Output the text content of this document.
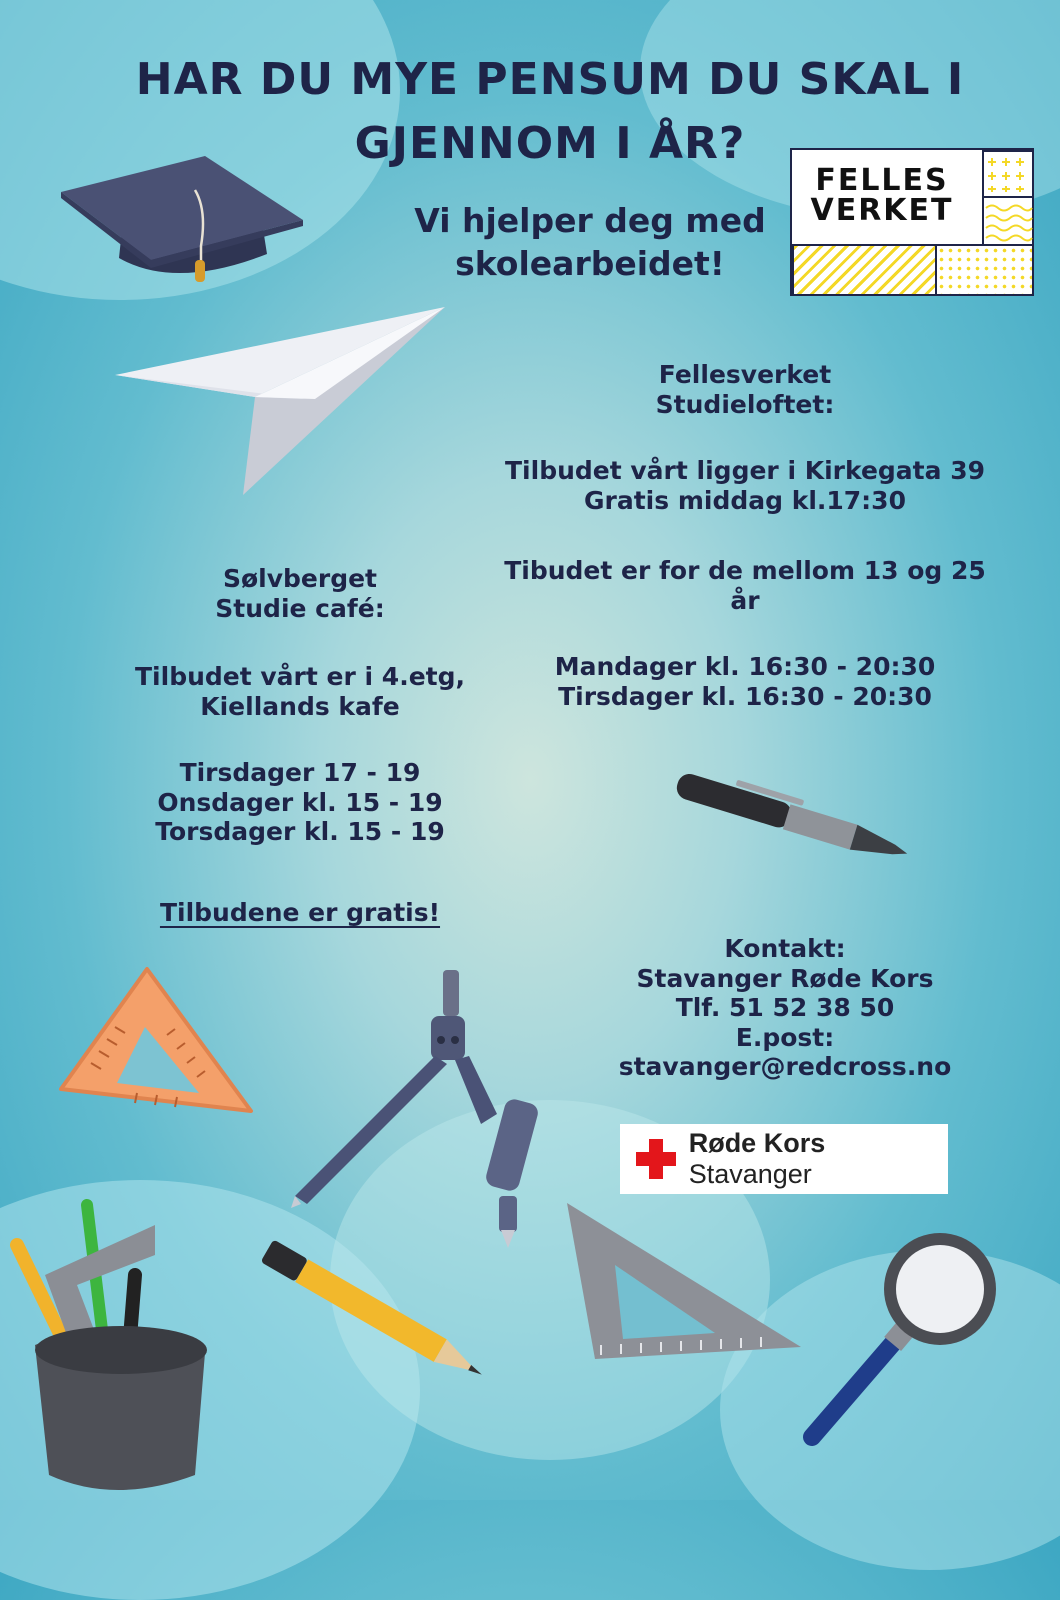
HAR DU MYE PENSUM DU SKAL I
GJENNOM I ÅR?
Vi hjelper deg med
skolearbeidet!
FELLES
VERKET
Fellesverket
Studieloftet:
Tilbudet vårt ligger i Kirkegata 39
Gratis middag kl.17:30
Tibudet er for de mellom 13 og 25
år
Mandager kl. 16:30 - 20:30
Tirsdager kl. 16:30 - 20:30
Sølvberget
Studie café:
Tilbudet vårt er i 4.etg,
Kiellands kafe
Tirsdager 17 - 19
Onsdager kl. 15 - 19
Torsdager kl. 15 - 19
Tilbudene er gratis!
Kontakt:
Stavanger Røde Kors
Tlf. 51 52 38 50
E.post:
stavanger@redcross.no
Røde Kors Stavanger
